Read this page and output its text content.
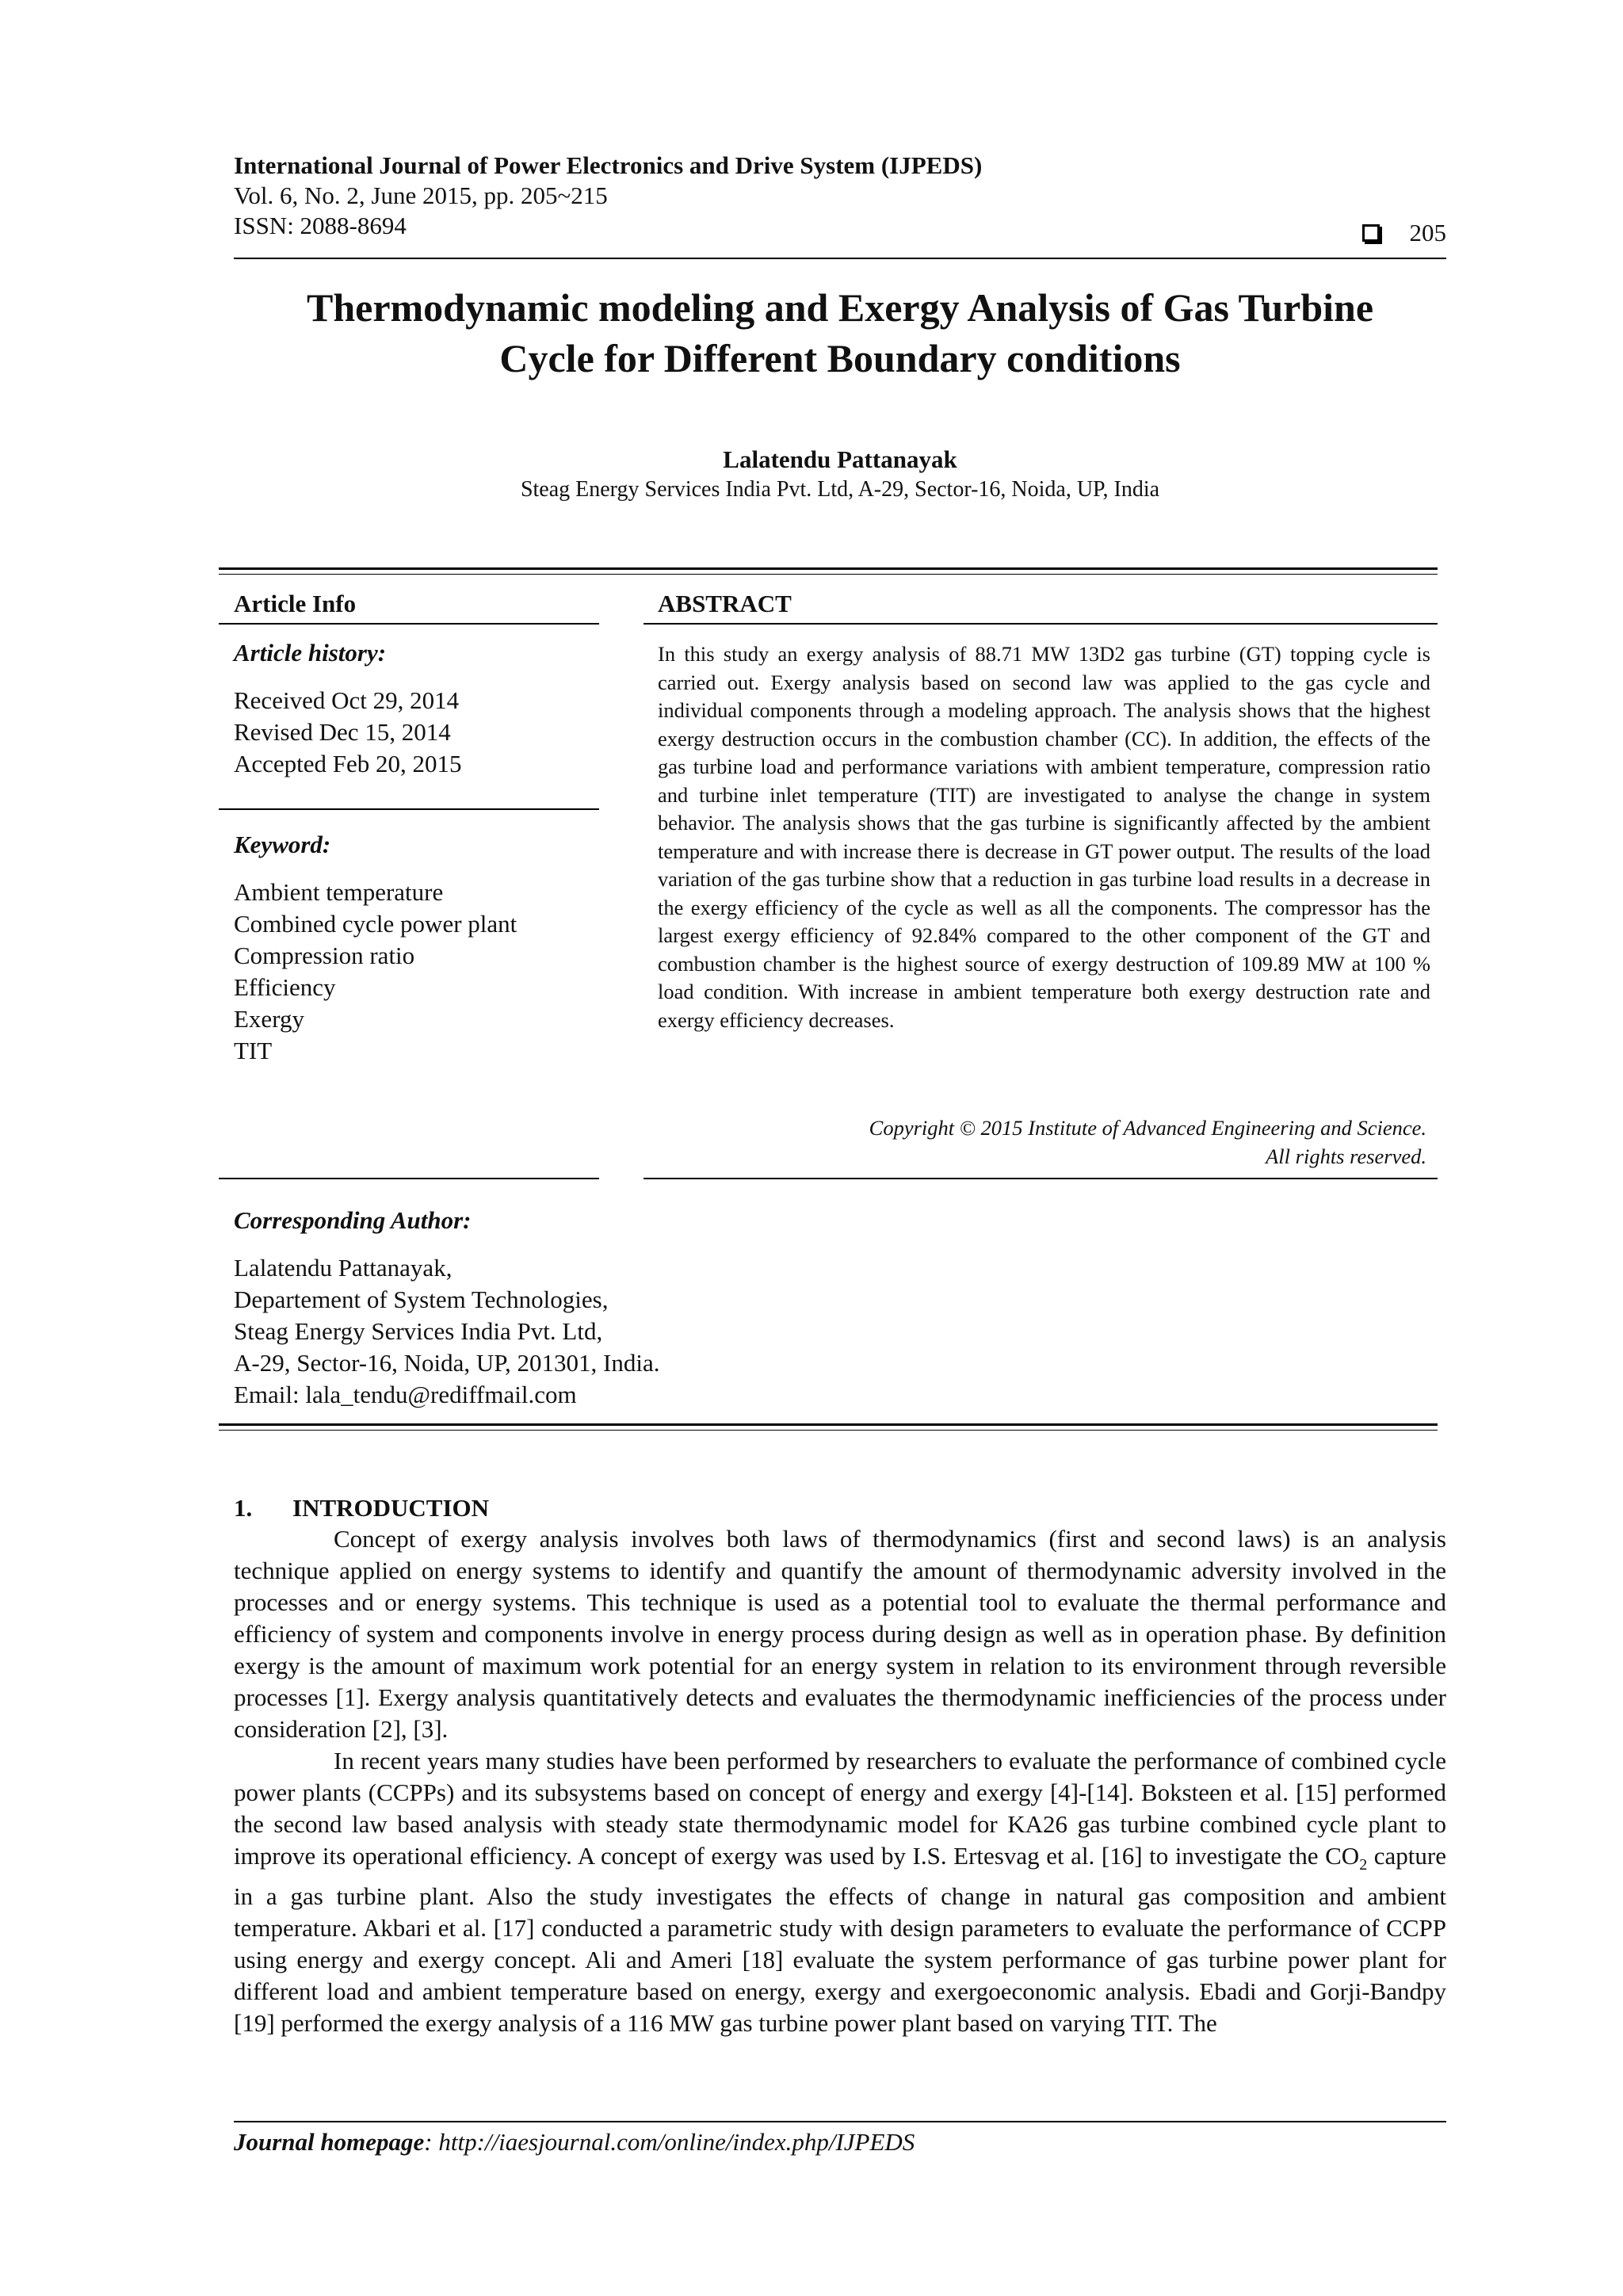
International Journal of Power Electronics and Drive System (IJPEDS)
Vol. 6, No. 2, June 2015, pp. 205~215
ISSN: 2088-8694	205
Thermodynamic modeling and Exergy Analysis of Gas Turbine
Cycle for Different Boundary conditions
Lalatendu Pattanayak
Steag Energy Services India Pvt. Ltd, A-29, Sector-16, Noida, UP, India
Article Info
Article history:
Received Oct 29, 2014
Revised Dec 15, 2014
Accepted Feb 20, 2015
Keyword:
Ambient temperature
Combined cycle power plant
Compression ratio
Efficiency
Exergy
TIT
ABSTRACT
In this study an exergy analysis of 88.71 MW 13D2 gas turbine (GT) topping cycle is carried out. Exergy analysis based on second law was applied to the gas cycle and individual components through a modeling approach. The analysis shows that the highest exergy destruction occurs in the combustion chamber (CC). In addition, the effects of the gas turbine load and performance variations with ambient temperature, compression ratio and turbine inlet temperature (TIT) are investigated to analyse the change in system behavior. The analysis shows that the gas turbine is significantly affected by the ambient temperature and with increase there is decrease in GT power output. The results of the load variation of the gas turbine show that a reduction in gas turbine load results in a decrease in the exergy efficiency of the cycle as well as all the components. The compressor has the largest exergy efficiency of 92.84% compared to the other component of the GT and combustion chamber is the highest source of exergy destruction of 109.89 MW at 100 % load condition. With increase in ambient temperature both exergy destruction rate and exergy efficiency decreases.
Copyright © 2015 Institute of Advanced Engineering and Science.
All rights reserved.
Corresponding Author:
Lalatendu Pattanayak,
Departement of System Technologies,
Steag Energy Services India Pvt. Ltd,
A-29, Sector-16, Noida, UP, 201301, India.
Email: lala_tendu@rediffmail.com
1. INTRODUCTION

Concept of exergy analysis involves both laws of thermodynamics (first and second laws) is an analysis technique applied on energy systems to identify and quantify the amount of thermodynamic adversity involved in the processes and or energy systems. This technique is used as a potential tool to evaluate the thermal performance and efficiency of system and components involve in energy process during design as well as in operation phase. By definition exergy is the amount of maximum work potential for an energy system in relation to its environment through reversible processes [1]. Exergy analysis quantitatively detects and evaluates the thermodynamic inefficiencies of the process under consideration [2], [3].

In recent years many studies have been performed by researchers to evaluate the performance of combined cycle power plants (CCPPs) and its subsystems based on concept of energy and exergy [4]-[14]. Boksteen et al. [15] performed the second law based analysis with steady state thermodynamic model for KA26 gas turbine combined cycle plant to improve its operational efficiency. A concept of exergy was used by I.S. Ertesvag et al. [16] to investigate the $CO_2$ capture in a gas turbine plant. Also the study investigates the effects of change in natural gas composition and ambient temperature. Akbari et al. [17] conducted a parametric study with design parameters to evaluate the performance of CCPP using energy and exergy concept. Ali and Ameri [18] evaluate the system performance of gas turbine power plant for different load and ambient temperature based on energy, exergy and exergoeconomic analysis. Ebadi and Gorji-Bandpy [19] performed the exergy analysis of a 116 MW gas turbine power plant based on varying TIT. The

Journal homepage: http://iaesjournal.com/online/index.php/IJPEDS
